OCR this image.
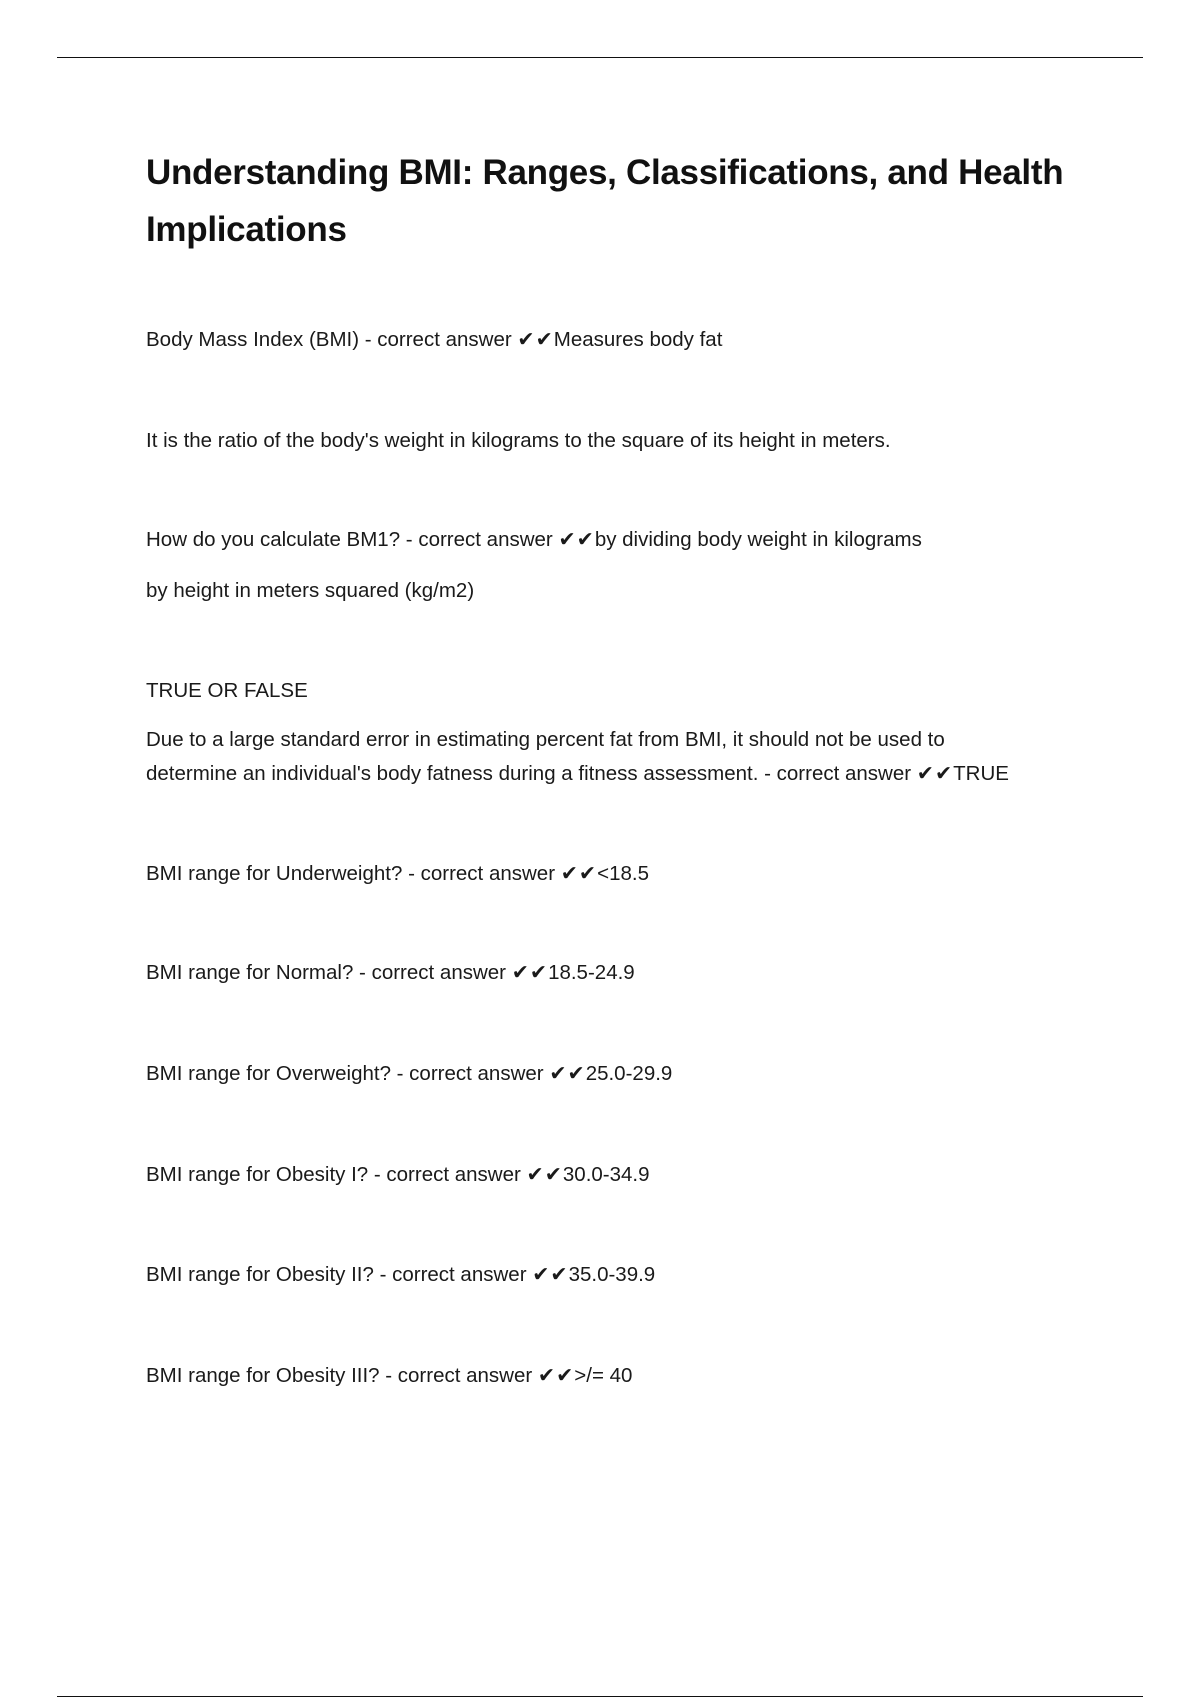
Understanding BMI: Ranges, Classifications, and Health Implications

Body Mass Index (BMI) - correct answer ✔✔Measures body fat

It is the ratio of the body's weight in kilograms to the square of its height in meters.

How do you calculate BM1? - correct answer ✔✔by dividing body weight in kilograms

by height in meters squared (kg/m2)

TRUE OR FALSE

Due to a large standard error in estimating percent fat from BMI, it should not be used to

determine an individual's body fatness during a fitness assessment. - correct answer ✔✔TRUE

BMI range for Underweight? - correct answer ✔✔<18.5

BMI range for Normal? - correct answer ✔✔18.5-24.9

BMI range for Overweight? - correct answer ✔✔25.0-29.9

BMI range for Obesity I? - correct answer ✔✔30.0-34.9

BMI range for Obesity II? - correct answer ✔✔35.0-39.9

BMI range for Obesity III? - correct answer ✔✔>/= 40
